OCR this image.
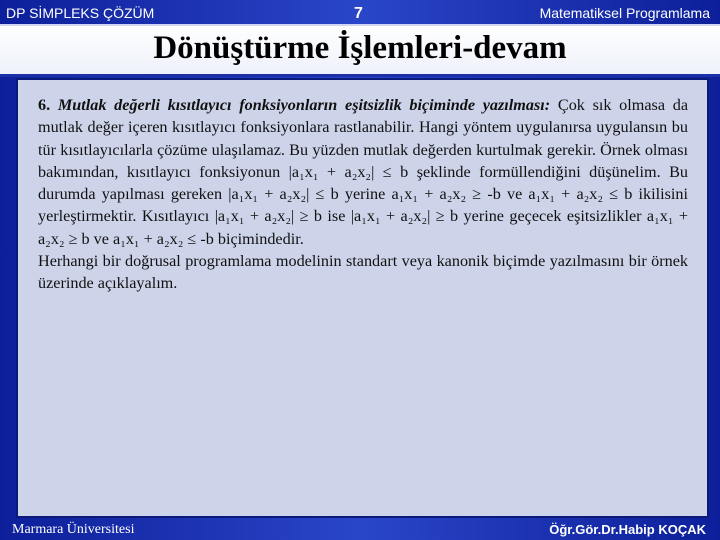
DP SİMPLEKS ÇÖZÜM	7	Matematiksel Programlama
Dönüştürme İşlemleri-devam

6. Mutlak değerli kısıtlayıcı fonksiyonların eşitsizlik biçiminde yazılması: Çok sık olmasa da mutlak değer içeren kısıtlayıcı fonksiyonlara rastlanabilir. Hangi yöntem uygulanırsa uygulansın bu tür kısıtlayıcılarla çözüme ulaşılamaz. Bu yüzden mutlak değerden kurtulmak gerekir. Örnek olması bakımından, kısıtlayıcı fonksiyonun |a₁x₁ + a₂x₂| ≤ b şeklinde formüllendiğini düşünelim. Bu durumda yapılması gereken |a₁x₁ + a₂x₂| ≤ b yerine a₁x₁ + a₂x₂ ≥ -b ve a₁x₁ + a₂x₂ ≤ b ikilisini yerleştirmektir. Kısıtlayıcı |a₁x₁ + a₂x₂| ≥ b ise |a₁x₁ + a₂x₂| ≥ b yerine geçecek eşitsizlikler a₁x₁ + a₂x₂ ≥ b ve a₁x₁ + a₂x₂ ≤ -b biçimindedir.

Herhangi bir doğrusal programlama modelinin standart veya kanonik biçimde yazılmasını bir örnek üzerinde açıklayalım.

Marmara Üniversitesi	Öğr.Gör.Dr.Habip KOÇAK
